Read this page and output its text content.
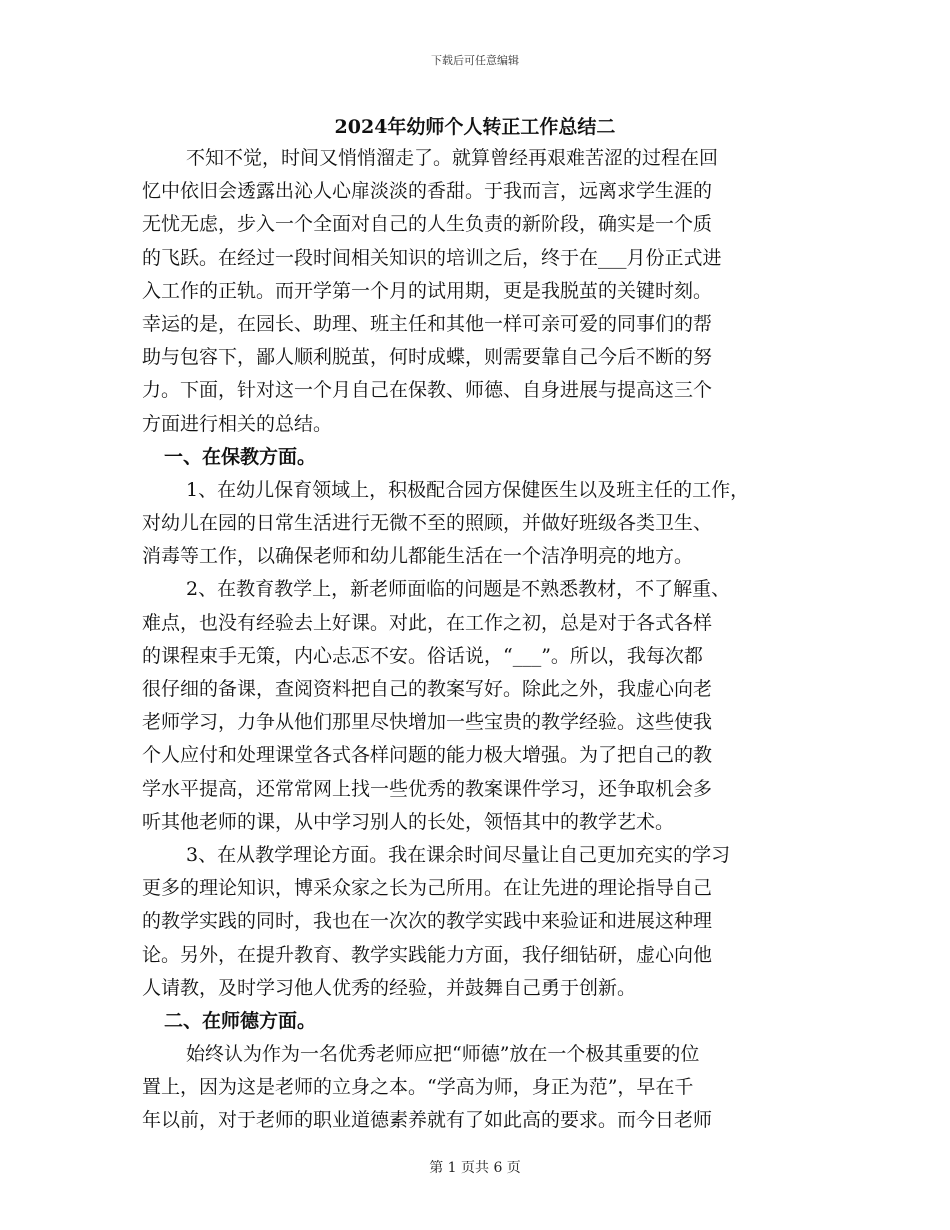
下载后可任意编辑
2024年幼师个人转正工作总结二
不知不觉，时间又悄悄溜走了。就算曾经再艰难苦涩的过程在回
忆中依旧会透露出沁人心扉淡淡的香甜。于我而言，远离求学生涯的
无忧无虑，步入一个全面对自己的人生负责的新阶段，确实是一个质
的飞跃。在经过一段时间相关知识的培训之后，终于在___月份正式进
入工作的正轨。而开学第一个月的试用期，更是我脱茧的关键时刻。
幸运的是，在园长、助理、班主任和其他一样可亲可爱的同事们的帮
助与包容下，鄙人顺利脱茧，何时成蝶，则需要靠自己今后不断的努
力。下面，针对这一个月自己在保教、师德、自身进展与提高这三个
方面进行相关的总结。
一、在保教方面。
1、在幼儿保育领域上，积极配合园方保健医生以及班主任的工作，
对幼儿在园的日常生活进行无微不至的照顾，并做好班级各类卫生、
消毒等工作，以确保老师和幼儿都能生活在一个洁净明亮的地方。
2、在教育教学上，新老师面临的问题是不熟悉教材，不了解重、
难点，也没有经验去上好课。对此，在工作之初，总是对于各式各样
的课程束手无策，内心忐忑不安。俗话说，“___”。所以，我每次都
很仔细的备课，查阅资料把自己的教案写好。除此之外，我虚心向老
老师学习，力争从他们那里尽快增加一些宝贵的教学经验。这些使我
个人应付和处理课堂各式各样问题的能力极大增强。为了把自己的教
学水平提高，还常常网上找一些优秀的教案课件学习，还争取机会多
听其他老师的课，从中学习别人的长处，领悟其中的教学艺术。
3、在从教学理论方面。我在课余时间尽量让自己更加充实的学习
更多的理论知识，博采众家之长为己所用。在让先进的理论指导自己
的教学实践的同时，我也在一次次的教学实践中来验证和进展这种理
论。另外，在提升教育、教学实践能力方面，我仔细钻研，虚心向他
人请教，及时学习他人优秀的经验，并鼓舞自己勇于创新。
二、在师德方面。
始终认为作为一名优秀老师应把“师德”放在一个极其重要的位
置上，因为这是老师的立身之本。“学高为师，身正为范”，早在千
年以前，对于老师的职业道德素养就有了如此高的要求。而今日老师
第 1 页共 6 页
